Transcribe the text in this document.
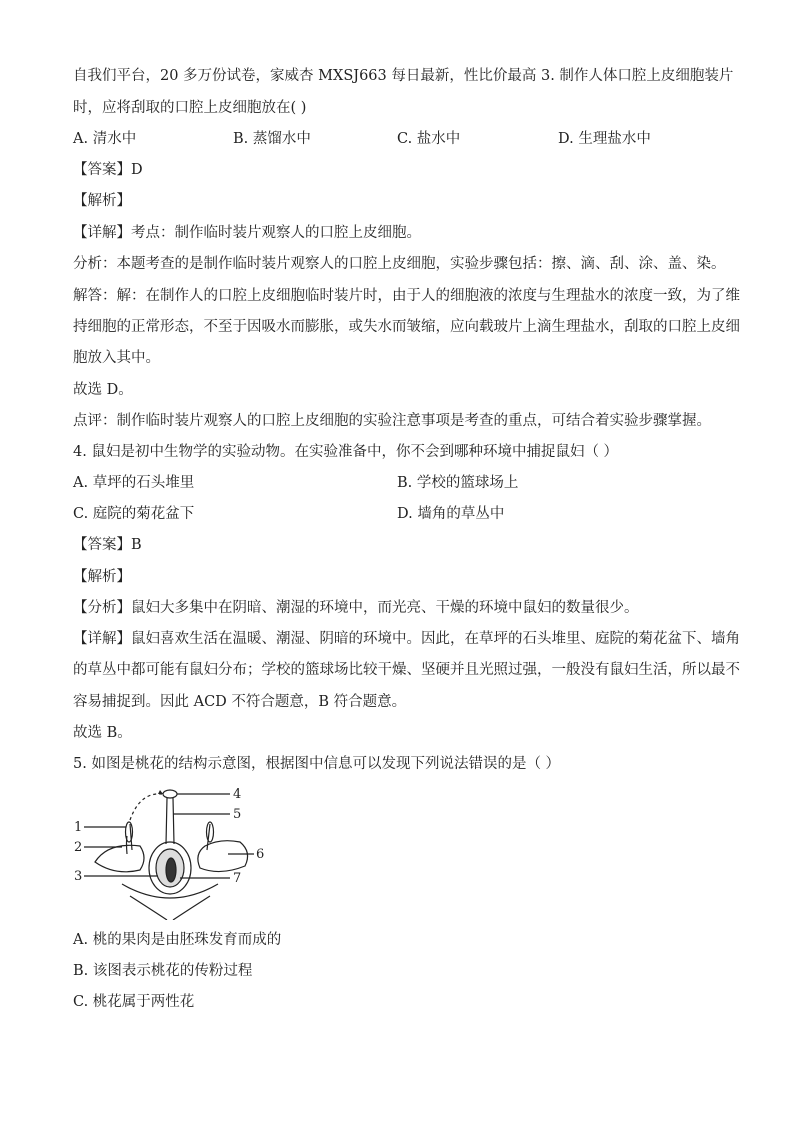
自我们平台，20 多万份试卷，家威杏 MXSJ663 每日最新，性比价最高 3. 制作人体口腔上皮细胞装片
时，应将刮取的口腔上皮细胞放在( )
A. 清水中	B. 蒸馏水中	C. 盐水中	D. 生理盐水中
【答案】D
【解析】
【详解】考点：制作临时装片观察人的口腔上皮细胞。
分析：本题考查的是制作临时装片观察人的口腔上皮细胞，实验步骤包括：擦、滴、刮、涂、盖、染。
解答：解：在制作人的口腔上皮细胞临时装片时，由于人的细胞液的浓度与生理盐水的浓度一致，为了维
持细胞的正常形态，不至于因吸水而膨胀，或失水而皱缩，应向载玻片上滴生理盐水，刮取的口腔上皮细
胞放入其中。
故选 D。
点评：制作临时装片观察人的口腔上皮细胞的实验注意事项是考查的重点，可结合着实验步骤掌握。
4. 鼠妇是初中生物学的实验动物。在实验准备中，你不会到哪种环境中捕捉鼠妇（ ）
A. 草坪的石头堆里	B. 学校的篮球场上
C. 庭院的菊花盆下	D. 墙角的草丛中
【答案】B
【解析】
【分析】鼠妇大多集中在阴暗、潮湿的环境中，而光亮、干燥的环境中鼠妇的数量很少。
【详解】鼠妇喜欢生活在温暖、潮湿、阴暗的环境中。因此，在草坪的石头堆里、庭院的菊花盆下、墙角
的草丛中都可能有鼠妇分布；学校的篮球场比较干燥、坚硬并且光照过强，一般没有鼠妇生活，所以最不
容易捕捉到。因此 ACD 不符合题意，B 符合题意。
故选 B。
5. 如图是桃花的结构示意图，根据图中信息可以发现下列说法错误的是（ ）
1
2
3
4
5
6
7
A. 桃的果肉是由胚珠发育而成的
B. 该图表示桃花的传粉过程
C. 桃花属于两性花
